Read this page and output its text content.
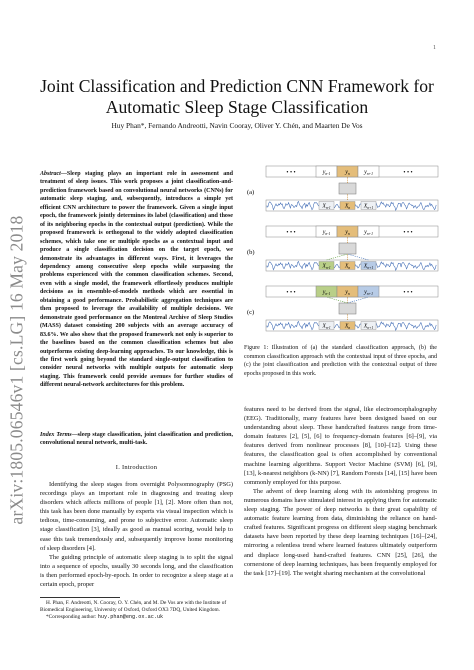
1
arXiv:1805.06546v1 [cs.LG] 16 May 2018
Joint Classification and Prediction CNN Framework for Automatic Sleep Stage Classification
Huy Phan*, Fernando Andreotti, Navin Cooray, Oliver Y. Chén, and Maarten De Vos
Abstract—Sleep staging plays an important role in assessment and treatment of sleep issues. This work proposes a joint classification-and-prediction framework based on convolutional neural networks (CNNs) for automatic sleep staging, and, subsequently, introduces a simple yet efficient CNN architecture to power the framework. Given a single input epoch, the framework jointly determines its label (classification) and those of its neighboring epochs in the contextual output (prediction). While the proposed framework is orthogonal to the widely adopted classification schemes, which take one or multiple epochs as a contextual input and produce a single classification decision on the target epoch, we demonstrate its advantages in different ways. First, it leverages the dependency among consecutive sleep epochs while surpassing the problems experienced with the common classification schemes. Second, even with a single model, the framework effortlessly produces multiple decisions as in ensemble-of-models methods which are essential in obtaining a good performance. Probabilistic aggregation techniques are then proposed to leverage the availability of multiple decisions. We demonstrate good performance on the Montreal Archive of Sleep Studies (MASS) dataset consisting 200 subjects with an average accuracy of 83.6%. We also show that the proposed framework not only is superior to the baselines based on the common classification schemes but also outperforms existing deep-learning approaches. To our knowledge, this is the first work going beyond the standard single-output classification to consider neural networks with multiple outputs for automatic sleep staging. This framework could provide avenues for further studies of different neural-network architectures for this problem.
Index Terms—sleep stage classification, joint classification and prediction, convolutional neural network, multi-task.
I. Introduction

Identifying the sleep stages from overnight Polysomnography (PSG) recordings plays an important role in diagnosing and treating sleep disorders which affects millions of people [1], [2]. More often than not, this task has been done manually by experts via visual inspection which is tedious, time-consuming, and prone to subjective error. Automatic sleep stage classification [3], ideally as good as manual scoring, would help to ease this task tremendously and, subsequently improve home monitoring of sleep disorders [4].

The guiding principle of automatic sleep staging is to split the signal into a sequence of epochs, usually 30 seconds long, and the classification is then performed epoch-by-epoch. In order to recognize a sleep stage at a certain epoch, proper

H. Phan, F. Andreotti, N. Cooray, O. Y. Chén, and M. De Vos are with the Institute of Biomedical Engineering, University of Oxford, Oxford OX3 7DQ, United Kingdom.

*Corresponding author: huy.phan@eng.ox.ac.uk

(a)
• • •	• • •
$y_{n-1}$ $y_n$ $y_{n+1}$
$X_{n-1}$ $X_n$ $X_{n+1}$
(b)
• • •	• • •
$y_{n-1}$ $y_n$ $y_{n+1}$
$X_{n-1}$ $X_n$ $X_{n+1}$
(c)
• • •	• • •
$y_{n-1}$ $y_n$ $y_{n+1}$
$X_{n-1}$ $X_n$ $X_{n+1}$
Figure 1: Illustration of (a) the standard classification approach, (b) the common classification approach with the contextual input of three epochs, and (c) the joint classification and prediction with the contextual output of three epochs proposed in this work.

features need to be derived from the signal, like electroencephalography (EEG). Traditionally, many features have been designed based on our understanding about sleep. These handcrafted features range from time-domain features [2], [5], [6] to frequency-domain features [6]–[9], via features derived from nonlinear processes [8], [10]–[12]. Using these features, the classification goal is often accomplished by conventional machine learning algorithms. Support Vector Machine (SVM) [6], [9], [13], k-nearest neighbors (k-NN) [7], Random Forests [14], [15] have been commonly employed for this purpose.

The advent of deep learning along with its astonishing progress in numerous domains have stimulated interest in applying them for automatic sleep staging. The power of deep networks is their great capability of automatic feature learning from data, diminishing the reliance on hand-crafted features. Significant progress on different sleep staging benchmark datasets have been reported by these deep learning techniques [16]–[24], mirroring a relentless trend where learned features ultimately outperform and displace long-used hand-crafted features. CNN [25], [26], the cornerstone of deep learning techniques, has been frequently employed for the task [17]–[19]. The weight sharing mechanism at the convolutional
